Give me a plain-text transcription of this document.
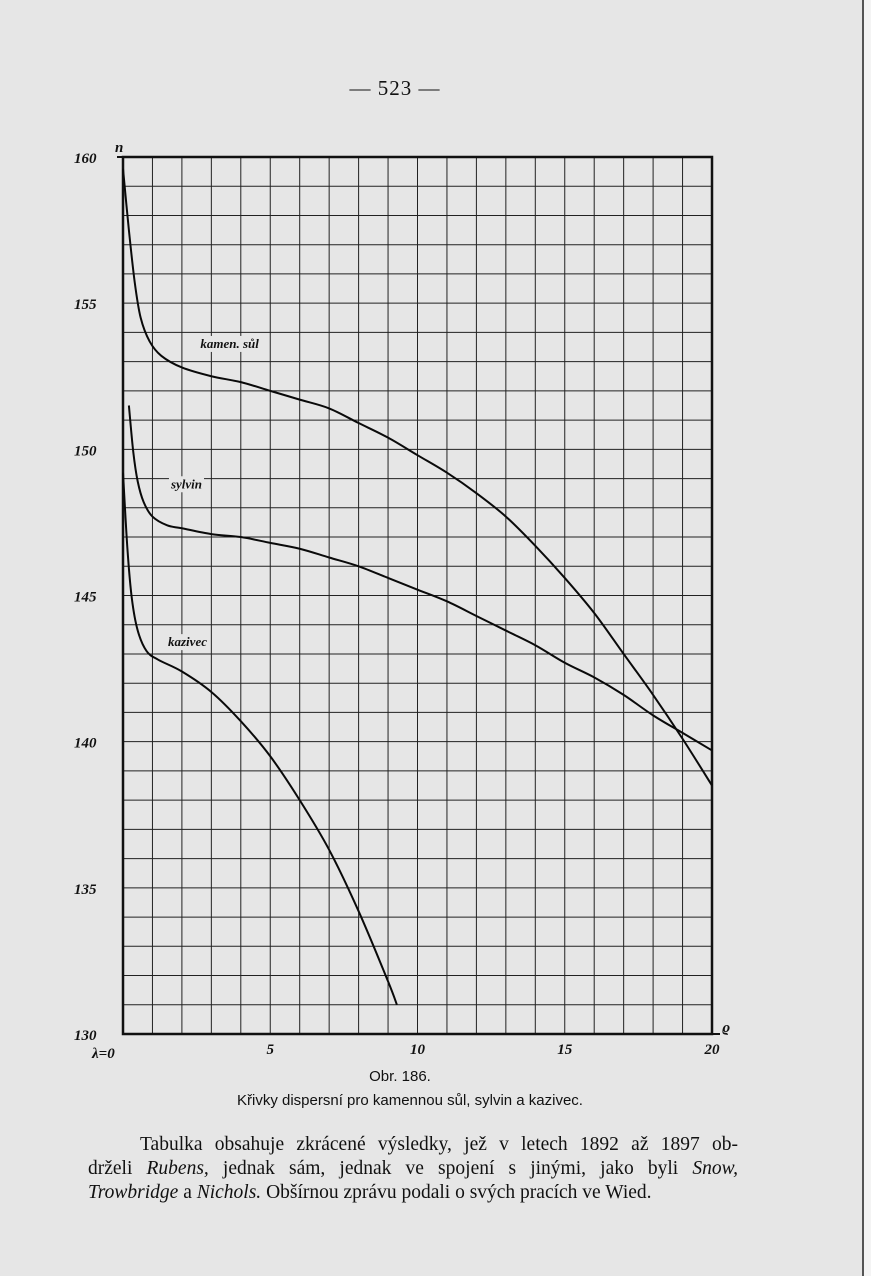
— 523 —
130
135
140
145
150
155
160
5	10	15	20
kamen. sůl
sylvin
kazivec
n
ϱ
λ=0
Obr. 186.
Křivky dispersní pro kamennou sůl, sylvin a kazivec.
Tabulka obsahuje zkrácené výsledky, jež v letech 1892 až 1897 ob-
drželi Rubens, jednak sám, jednak ve spojení s jinými, jako byli Snow,
Trowbridge a Nichols. Obšírnou zprávu podali o svých pracích ve Wied.
